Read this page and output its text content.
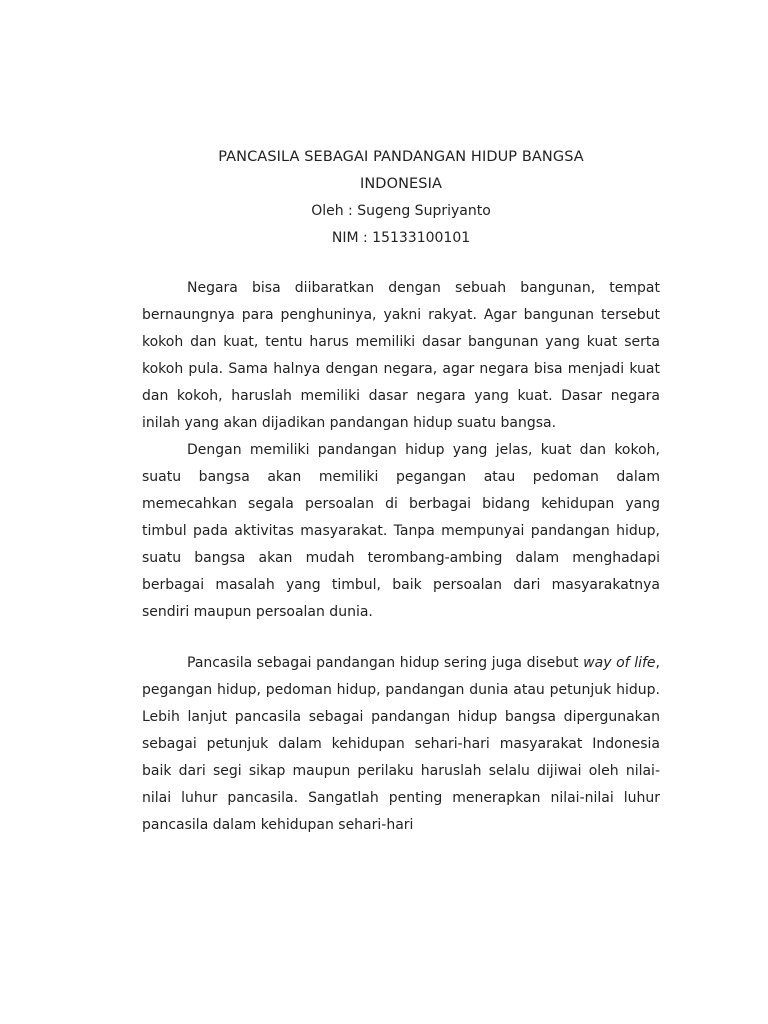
PANCASILA SEBAGAI PANDANGAN HIDUP BANGSA

INDONESIA

Oleh : Sugeng Supriyanto

NIM : 15133100101

Negara bisa diibaratkan dengan sebuah bangunan, tempat bernaungnya para penghuninya, yakni rakyat. Agar bangunan tersebut kokoh dan kuat, tentu harus memiliki dasar bangunan yang kuat serta kokoh pula. Sama halnya dengan negara, agar negara bisa menjadi kuat dan kokoh, haruslah memiliki dasar negara yang kuat. Dasar negara inilah yang akan dijadikan pandangan hidup suatu bangsa.

Dengan memiliki pandangan hidup yang jelas, kuat dan kokoh, suatu bangsa akan memiliki pegangan atau pedoman dalam memecahkan segala persoalan di berbagai bidang kehidupan yang timbul pada aktivitas masyarakat. Tanpa mempunyai pandangan hidup, suatu bangsa akan mudah terombang-ambing dalam menghadapi berbagai masalah yang timbul, baik persoalan dari masyarakatnya sendiri maupun persoalan dunia.

Pancasila sebagai pandangan hidup sering juga disebut way of life, pegangan hidup, pedoman hidup, pandangan dunia atau petunjuk hidup. Lebih lanjut pancasila sebagai pandangan hidup bangsa dipergunakan sebagai petunjuk dalam kehidupan sehari-hari masyarakat Indonesia baik dari segi sikap maupun perilaku haruslah selalu dijiwai oleh nilai-nilai luhur pancasila. Sangatlah penting menerapkan nilai-nilai luhur pancasila dalam kehidupan sehari-hari
